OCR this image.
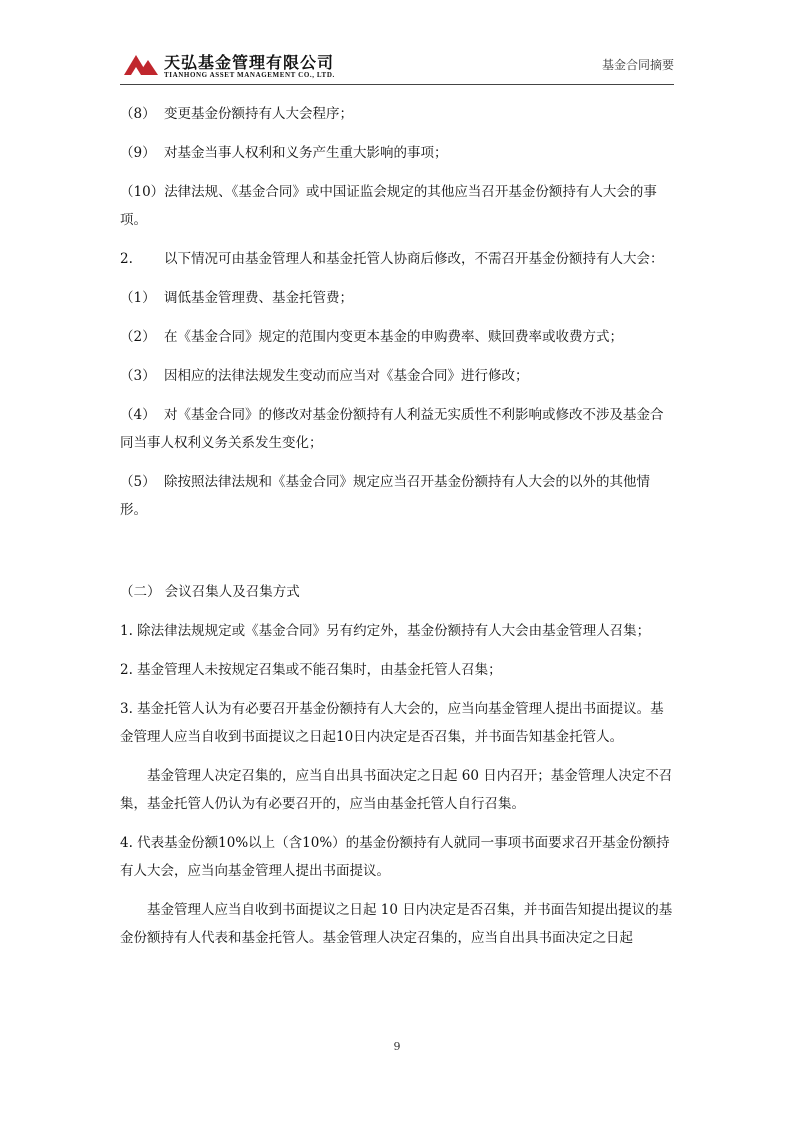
天弘基金管理有限公司
TIANHONG ASSET MANAGEMENT CO., LTD.
基金合同摘要

（8） 变更基金份额持有人大会程序；

（9） 对基金当事人权利和义务产生重大影响的事项；

（10）法律法规、《基金合同》或中国证监会规定的其他应当召开基金份额持有人大会的事项。

2. 以下情况可由基金管理人和基金托管人协商后修改，不需召开基金份额持有人大会：

（1） 调低基金管理费、基金托管费；

（2） 在《基金合同》规定的范围内变更本基金的申购费率、赎回费率或收费方式；

（3） 因相应的法律法规发生变动而应当对《基金合同》进行修改；

（4） 对《基金合同》的修改对基金份额持有人利益无实质性不利影响或修改不涉及基金合同当事人权利义务关系发生变化；

（5） 除按照法律法规和《基金合同》规定应当召开基金份额持有人大会的以外的其他情形。

（二） 会议召集人及召集方式

1. 除法律法规规定或《基金合同》另有约定外，基金份额持有人大会由基金管理人召集；

2. 基金管理人未按规定召集或不能召集时，由基金托管人召集；

3. 基金托管人认为有必要召开基金份额持有人大会的，应当向基金管理人提出书面提议。基金管理人应当自收到书面提议之日起10日内决定是否召集，并书面告知基金托管人。

基金管理人决定召集的，应当自出具书面决定之日起 60 日内召开；基金管理人决定不召集，基金托管人仍认为有必要召开的，应当由基金托管人自行召集。

4. 代表基金份额10%以上（含10%）的基金份额持有人就同一事项书面要求召开基金份额持有人大会，应当向基金管理人提出书面提议。

基金管理人应当自收到书面提议之日起 10 日内决定是否召集，并书面告知提出提议的基金份额持有人代表和基金托管人。基金管理人决定召集的，应当自出具书面决定之日起

9
